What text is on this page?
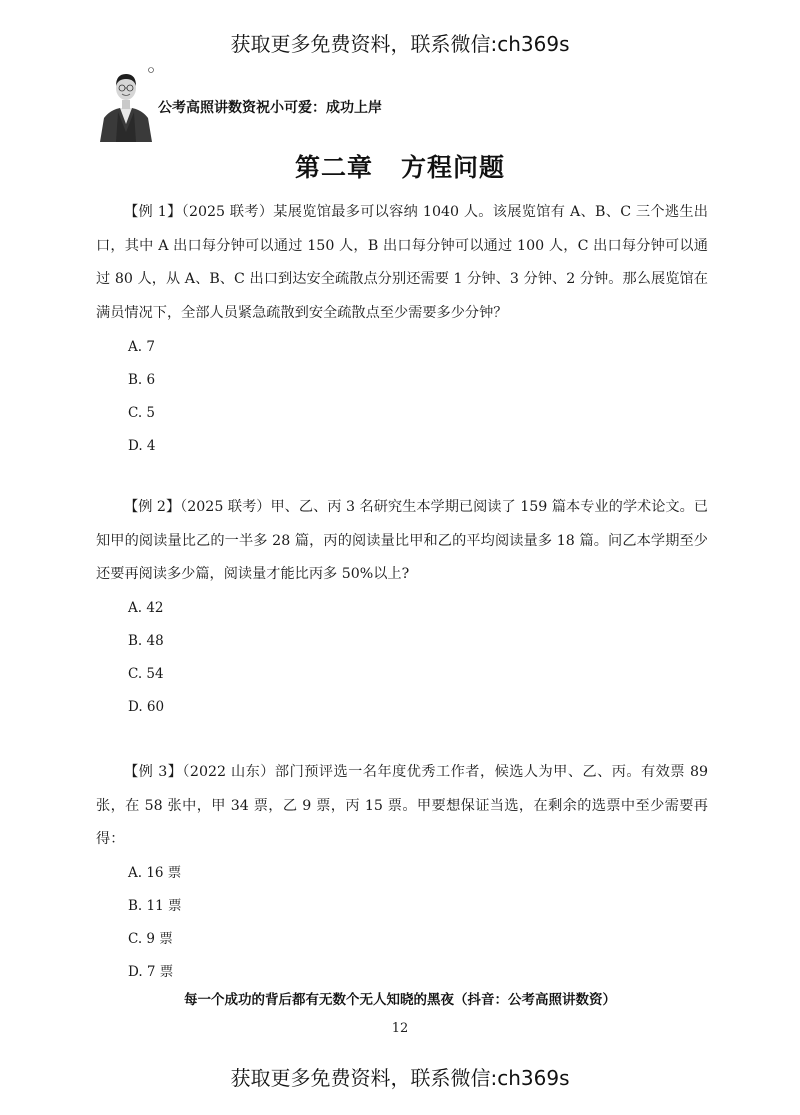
获取更多免费资料，联系微信:ch369s
公考高照讲数资祝小可爱：成功上岸
第二章 方程问题

【例 1】（2025 联考）某展览馆最多可以容纳 1040 人。该展览馆有 A、B、C 三个逃生出口，其中 A 出口每分钟可以通过 150 人，B 出口每分钟可以通过 100 人，C 出口每分钟可以通过 80 人，从 A、B、C 出口到达安全疏散点分别还需要 1 分钟、3 分钟、2 分钟。那么展览馆在满员情况下，全部人员紧急疏散到安全疏散点至少需要多少分钟？

A. 7
B. 6
C. 5
D. 4

【例 2】（2025 联考）甲、乙、丙 3 名研究生本学期已阅读了 159 篇本专业的学术论文。已知甲的阅读量比乙的一半多 28 篇，丙的阅读量比甲和乙的平均阅读量多 18 篇。问乙本学期至少还要再阅读多少篇，阅读量才能比丙多 50%以上?

A. 42
B. 48
C. 54
D. 60

【例 3】（2022 山东）部门预评选一名年度优秀工作者，候选人为甲、乙、丙。有效票 89 张，在 58 张中，甲 34 票，乙 9 票，丙 15 票。甲要想保证当选，在剩余的选票中至少需要再得：

A. 16 票
B. 11 票
C. 9 票
D. 7 票
每一个成功的背后都有无数个无人知晓的黑夜（抖音：公考高照讲数资）
12
获取更多免费资料，联系微信:ch369s
